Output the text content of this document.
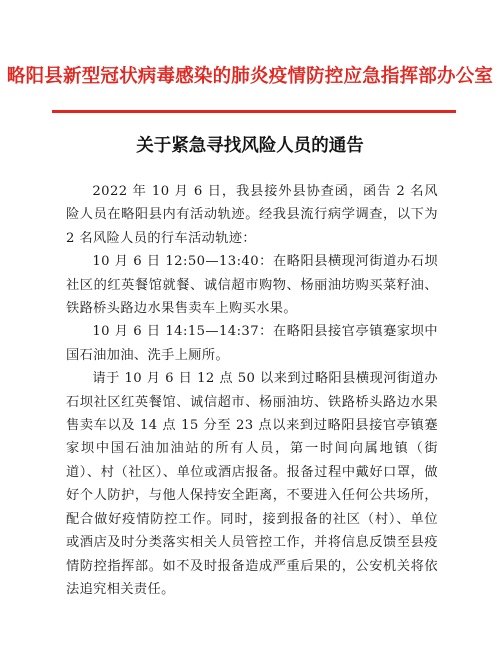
略阳县新型冠状病毒感染的肺炎疫情防控应急指挥部办公室
关于紧急寻找风险人员的通告

2022 年 10 月 6 日，我县接外县协查函，函告 2 名风险人员在略阳县内有活动轨迹。经我县流行病学调查，以下为 2 名风险人员的行车活动轨迹：

10 月 6 日 12:50—13:40：在略阳县横现河街道办石坝社区的红英餐馆就餐、诚信超市购物、杨丽油坊购买菜籽油、铁路桥头路边水果售卖车上购买水果。

10 月 6 日 14:15—14:37：在略阳县接官亭镇蹇家坝中国石油加油、洗手上厕所。

请于 10 月 6 日 12 点 50 以来到过略阳县横现河街道办石坝社区红英餐馆、诚信超市、杨丽油坊、铁路桥头路边水果售卖车以及 14 点 15 分至 23 点以来到过略阳县接官亭镇蹇家坝中国石油加油站的所有人员，第一时间向属地镇（街道）、村（社区）、单位或酒店报备。报备过程中戴好口罩，做好个人防护，与他人保持安全距离，不要进入任何公共场所，配合做好疫情防控工作。同时，接到报备的社区（村）、单位或酒店及时分类落实相关人员管控工作，并将信息反馈至县疫情防控指挥部。如不及时报备造成严重后果的，公安机关将依法追究相关责任。
